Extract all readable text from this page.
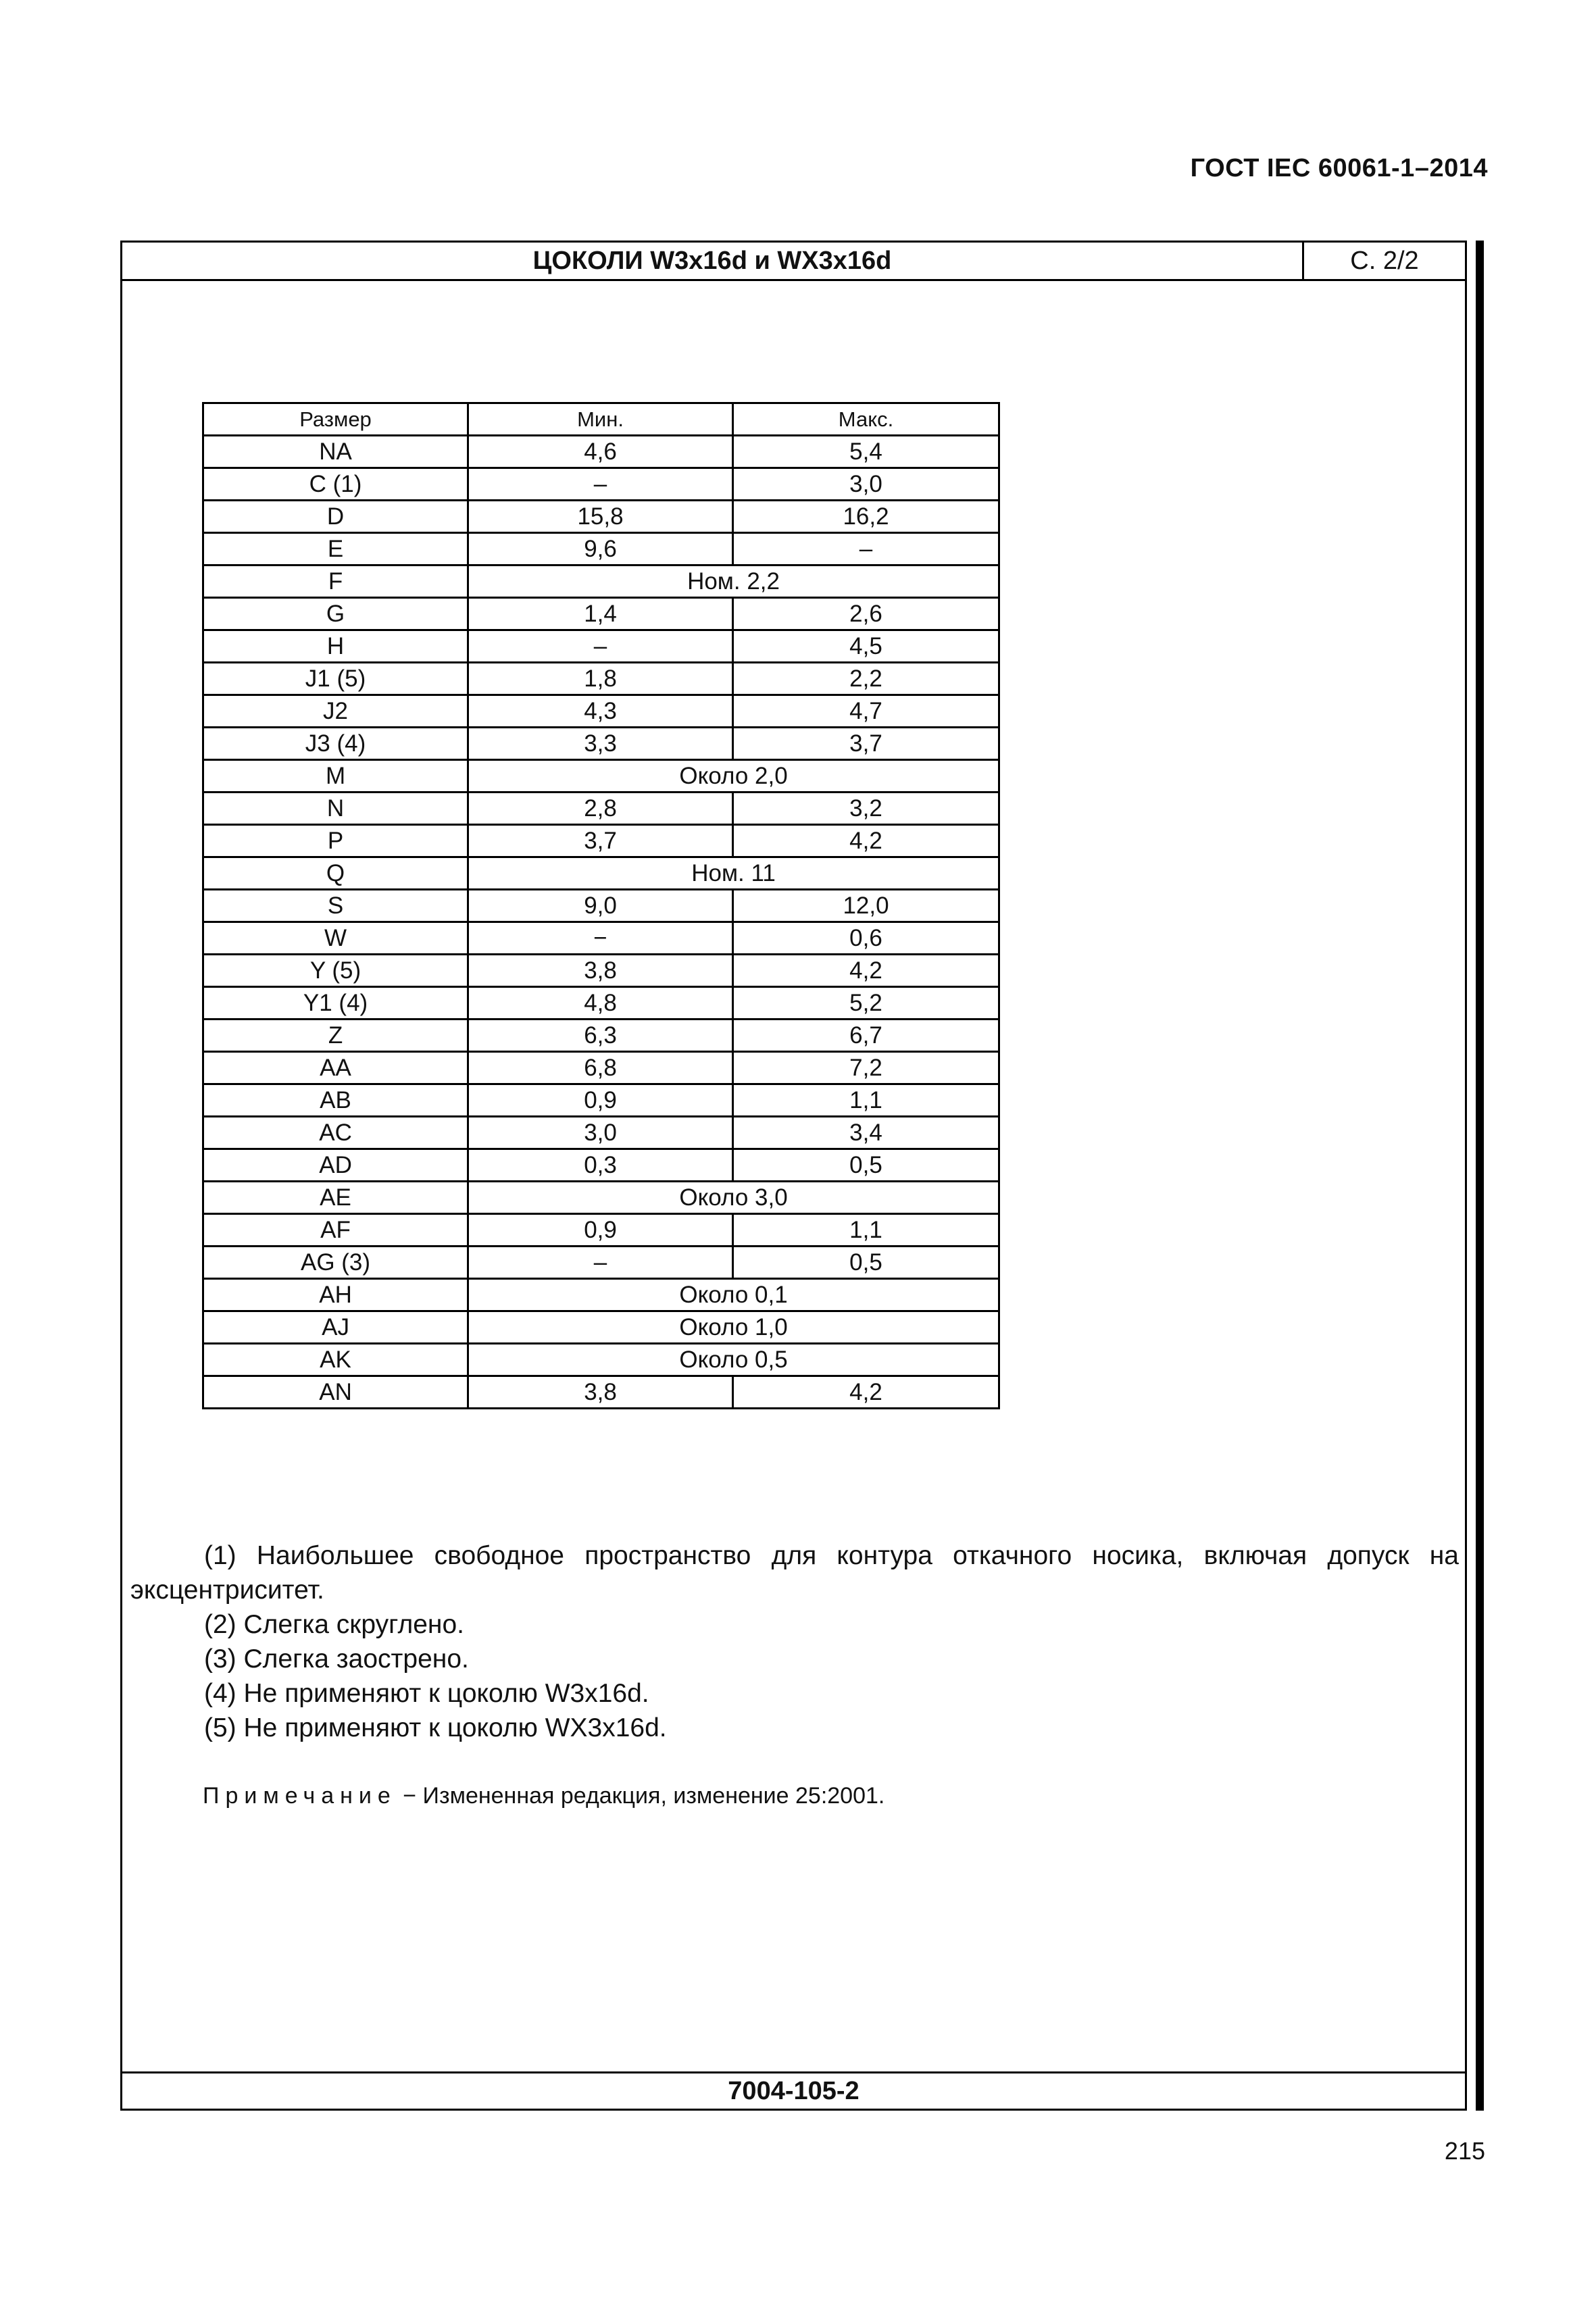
ГОСТ IEC 60061-1–2014
ЦОКОЛИ W3x16d и WX3x16d	С. 2/2
Размер	Мин.	Макс.
NA	4,6	5,4
C (1)	–	3,0
D	15,8	16,2
E	9,6	–
F	Ном. 2,2	
G	1,4	2,6
H	–	4,5
J1 (5)	1,8	2,2
J2	4,3	4,7
J3 (4)	3,3	3,7
M	Около 2,0	
N	2,8	3,2
P	3,7	4,2
Q	Ном. 11	
S	9,0	12,0
W	−	0,6
Y (5)	3,8	4,2
Y1 (4)	4,8	5,2
Z	6,3	6,7
AA	6,8	7,2
AB	0,9	1,1
AC	3,0	3,4
AD	0,3	0,5
AE	Около 3,0	
AF	0,9	1,1
AG (3)	–	0,5
AH	Около 0,1	
AJ	Около 1,0	
AK	Около 0,5	
AN	3,8	4,2

(1) Наибольшее свободное пространство для контура откачного носика, включая допуск на эксцентриситет.

(2) Слегка скруглено.

(3) Слегка заострено.

(4) Не применяют к цоколю W3x16d.

(5) Не применяют к цоколю WX3x16d.

Примечание − Измененная редакция, изменение 25:2001.
7004-105-2
215
